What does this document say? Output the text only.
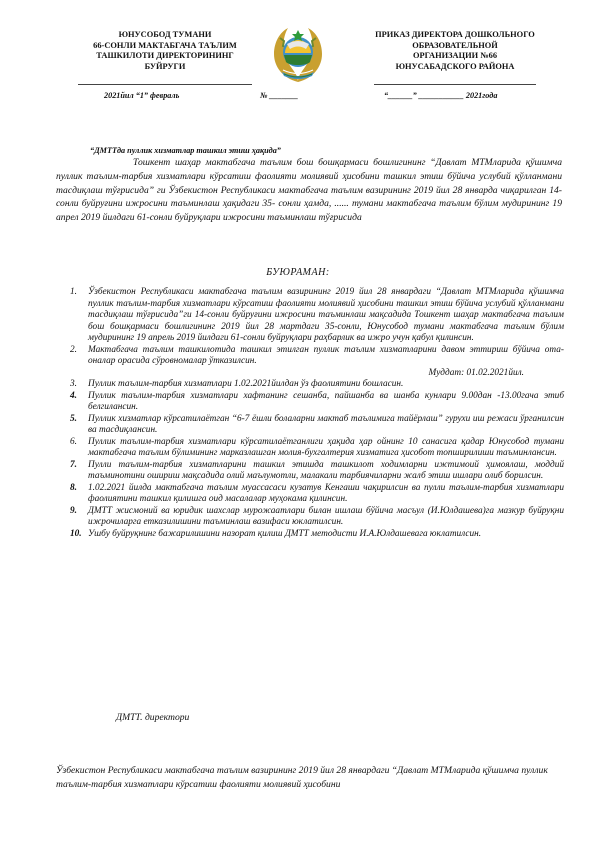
ЮНУСОБОД ТУМАНИ
66-СОНЛИ МАКТАБГАЧА ТАЪЛИМ
ТАШКИЛОТИ ДИРЕКТОРИНИНГ
БУЙРУГИ
ПРИКАЗ ДИРЕКТОРА ДОШКОЛЬНОГО
ОБРАЗОВАТЕЛЬНОЙ
ОРГАНИЗАЦИИ №66
ЮНУСАБАДСКОГО РАЙОНА
2021йил “1” февраль	№ _______	“______” ___________ 2021года
“ДМТТда пуллик хизматлар ташкил этиш ҳақида”
Тошкент шаҳар мактабгача таълим бош бошқармаси бошлигининг “Давлат МТМларида қўшимча пуллик таълим-тарбия хизматлари кўрсатиш фаолияти молиявий ҳисобини ташкил этиш бўйича услубий қўлланмани тасдиқлаш тўғрисида” ги Ўзбекистон Республикаси мактабгача таълим вазирининг 2019 йил 28 январда чиқарилган 14-сонли буйруғини ижросини таъминлаш ҳақидаги 35- сонли ҳамда, ...... тумани мактабгача таълим бўлим мудирининг 19 апрел 2019 йилдаги 61-сонли буйруқлари ижросини таъминлаш тўғрисида
БУЮРАМАН:
1. Ўзбекистон Республикаси мактабгача таълим вазирининг 2019 йил 28 январдаги “Давлат МТМларида қўшимча пуллик таълим-тарбия хизматлари кўрсатиш фаолияти молиявий ҳисобини ташкил этиш бўйича услубий қўлланмани тасдиқлаш тўғрисида”ги 14-сонли буйруғини ижросини таъминлаш мақсадида Тошкент шаҳар мактабгача таълим бош бошқармаси бошлигининг 2019 йил 28 мартдаги 35-сонли, Юнусобод тумани мактабгача таълим бўлим мудирининг 19 апрель 2019 йилдаги 61-сонли буйруқлари раҳбарлик ва ижро учун қабул қилинсин.
2. Мактабгача таълим ташкилотида ташкил этилган пуллик таълим хизматларини давом эттириш бўйича ота-оналар орасида сўровномалар ўтказилсин.
Муддат: 01.02.2021йил.
3. Пуллик таълим-тарбия хизматлари 1.02.2021йилдан ўз фаолиятини бошласин.
4. Пуллик таълим-тарбия хизматлари хафтанинг сешанба, пайшанба ва шанба кунлари 9.00дан -13.00гача этиб белгилансин.
5. Пуллик хизматлар кўрсатилаётган “6-7 ёшли болаларни мактаб таълимига тайёрлаш” гурухи иш режаси ўрганилсин ва тасдиқлансин.
6. Пуллик таълим-тарбия хизматлари кўрсатилаётганлиги ҳақида ҳар ойнинг 10 санасига қадар Юнусобод тумани мактабгача таълим бўлимининг марказлашган молия-бухгалтерия хизматига ҳисобот топширилиши таъминлансин.
7. Пулли таълим-тарбия хизматларини ташкил этишда ташкилот ходимларни ижтимоий ҳимоялаш, моддий таъминотини ошириш мақсадида олий маълумотли, малакали тарбиячиларни жалб этиш ишлари олиб борилсин.
8. 1.02.2021 йилда мактабгача таълим муассасаси кузатув Кенгаши чақирилсин ва пулли таълим-тарбия хизматлари фаолиятини ташкил қилишга оид масалалар муҳокама қилинсин.
9. ДМТТ жисмоний ва юридик шахслар мурожаатлари билан ишлаш бўйича масъул (И.Юлдашева)га мазкур буйруқни ижрочиларга етказилишини таъминлаш вазифаси юклатилсин.
10. Ушбу буйруқнинг бажарилишини назорат қилиш ДМТТ методисти И.А.Юлдашевага юклатилсин.
ДМТТ. директори
Ўзбекистон Республикаси мактабгача таълим вазирининг 2019 йил 28 январдаги “Давлат МТМларида қўшимча пуллик таълим-тарбия хизматлари кўрсатиш фаолияти молиявий ҳисобини
